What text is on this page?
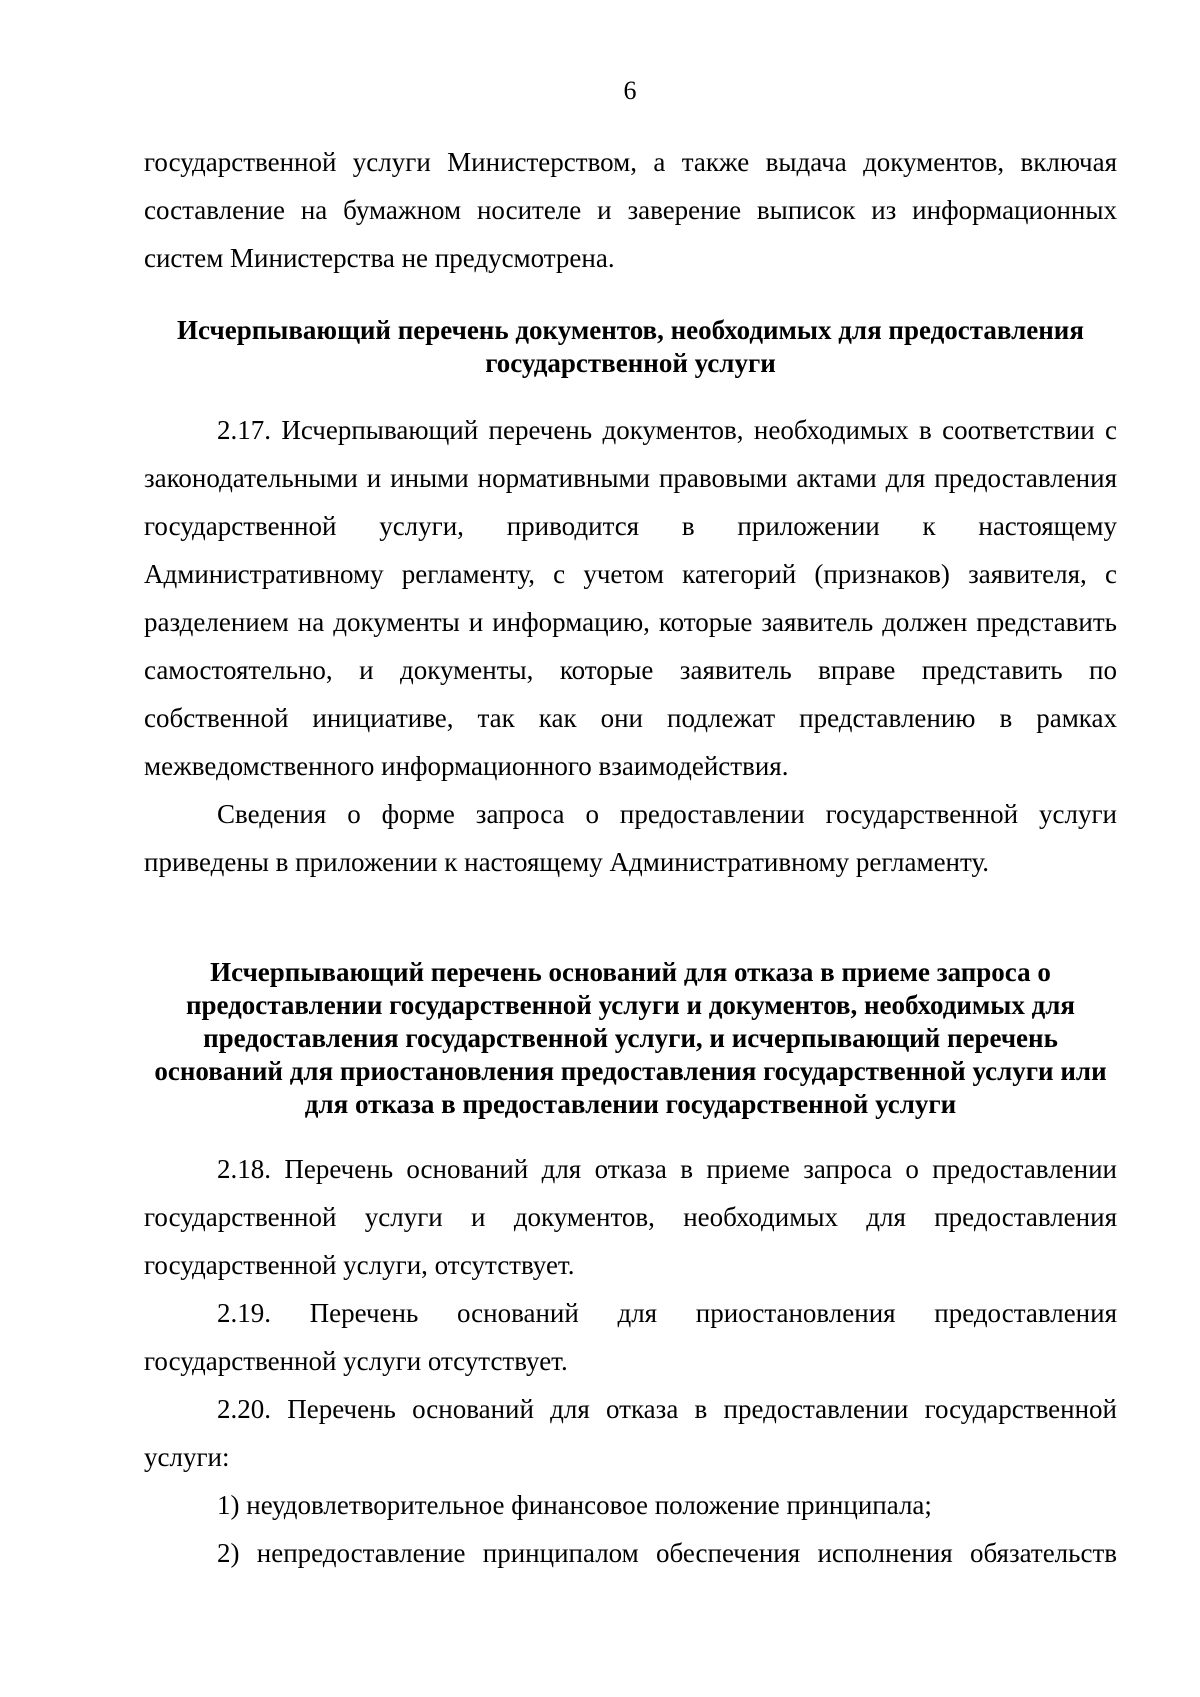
6

государственной услуги Министерством, а также выдача документов, включая составление на бумажном носителе и заверение выписок из информационных систем Министерства не предусмотрена.

Исчерпывающий перечень документов, необходимых для предоставления государственной услуги

2.17. Исчерпывающий перечень документов, необходимых в соответствии с законодательными и иными нормативными правовыми актами для предоставления государственной услуги, приводится в приложении к настоящему Административному регламенту, с учетом категорий (признаков) заявителя, с разделением на документы и информацию, которые заявитель должен представить самостоятельно, и документы, которые заявитель вправе представить по собственной инициативе, так как они подлежат представлению в рамках межведомственного информационного взаимодействия.

Сведения о форме запроса о предоставлении государственной услуги приведены в приложении к настоящему Административному регламенту.

Исчерпывающий перечень оснований для отказа в приеме запроса о предоставлении государственной услуги и документов, необходимых для предоставления государственной услуги, и исчерпывающий перечень оснований для приостановления предоставления государственной услуги или для отказа в предоставлении государственной услуги

2.18. Перечень оснований для отказа в приеме запроса о предоставлении государственной услуги и документов, необходимых для предоставления государственной услуги, отсутствует.

2.19. Перечень оснований для приостановления предоставления государственной услуги отсутствует.

2.20. Перечень оснований для отказа в предоставлении государственной услуги:

1) неудовлетворительное финансовое положение принципала;

2) непредоставление принципалом обеспечения исполнения обязательств
